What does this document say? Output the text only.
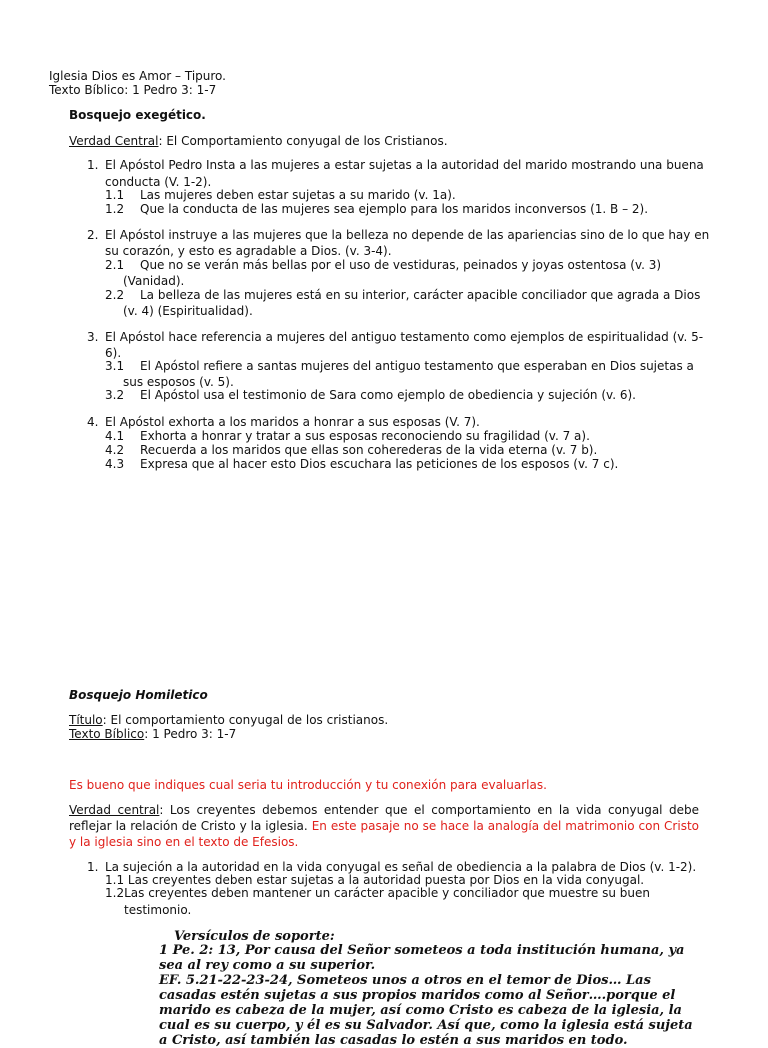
Iglesia Dios es Amor – Tipuro.
Texto Bíblico: 1 Pedro 3: 1-7
Bosquejo exegético.
Verdad Central: El Comportamiento conyugal de los Cristianos.
1. El Apóstol Pedro Insta a las mujeres a estar sujetas a la autoridad del marido mostrando una buena
conducta (V. 1-2).
1.1 Las mujeres deben estar sujetas a su marido (v. 1a).
1.2 Que la conducta de las mujeres sea ejemplo para los maridos inconversos (1. B – 2).
2. El Apóstol instruye a las mujeres que la belleza no depende de las apariencias sino de lo que hay en
su corazón, y esto es agradable a Dios. (v. 3-4).
2.1 Que no se verán más bellas por el uso de vestiduras, peinados y joyas ostentosa (v. 3)
(Vanidad).
2.2 La belleza de las mujeres está en su interior, carácter apacible conciliador que agrada a Dios
(v. 4) (Espiritualidad).
3. El Apóstol hace referencia a mujeres del antiguo testamento como ejemplos de espiritualidad (v. 5-
6).
3.1 El Apóstol refiere a santas mujeres del antiguo testamento que esperaban en Dios sujetas a
sus esposos (v. 5).
3.2 El Apóstol usa el testimonio de Sara como ejemplo de obediencia y sujeción (v. 6).
4. El Apóstol exhorta a los maridos a honrar a sus esposas (V. 7).
4.1 Exhorta a honrar y tratar a sus esposas reconociendo su fragilidad (v. 7 a).
4.2 Recuerda a los maridos que ellas son coherederas de la vida eterna (v. 7 b).
4.3 Expresa que al hacer esto Dios escuchara las peticiones de los esposos (v. 7 c).
Bosquejo Homiletico
Título: El comportamiento conyugal de los cristianos.
Texto Bíblico: 1 Pedro 3: 1-7
Es bueno que indiques cual seria tu introducción y tu conexión para evaluarlas.
Verdad central: Los creyentes debemos entender que el comportamiento en la vida conyugal debe reflejar la relación de Cristo y la iglesia. En este pasaje no se hace la analogía del matrimonio con Cristo y la iglesia sino en el texto de Efesios.
1. La sujeción a la autoridad en la vida conyugal es señal de obediencia a la palabra de Dios (v. 1-2).
1.1 Las creyentes deben estar sujetas a la autoridad puesta por Dios en la vida conyugal.
1.2Las creyentes deben mantener un carácter apacible y conciliador que muestre su buen
testimonio.
Versículos de soporte:
1 Pe. 2: 13, Por causa del Señor someteos a toda institución humana, ya sea al rey como a su superior.
EF. 5.21-22-23-24, Someteos unos a otros en el temor de Dios… Las casadas estén sujetas a sus propios maridos como al Señor….porque el marido es cabeza de la mujer, así como Cristo es cabeza de la iglesia, la cual es su cuerpo, y él es su Salvador. Así que, como la iglesia está sujeta a Cristo, así también las casadas lo estén a sus maridos en todo.
